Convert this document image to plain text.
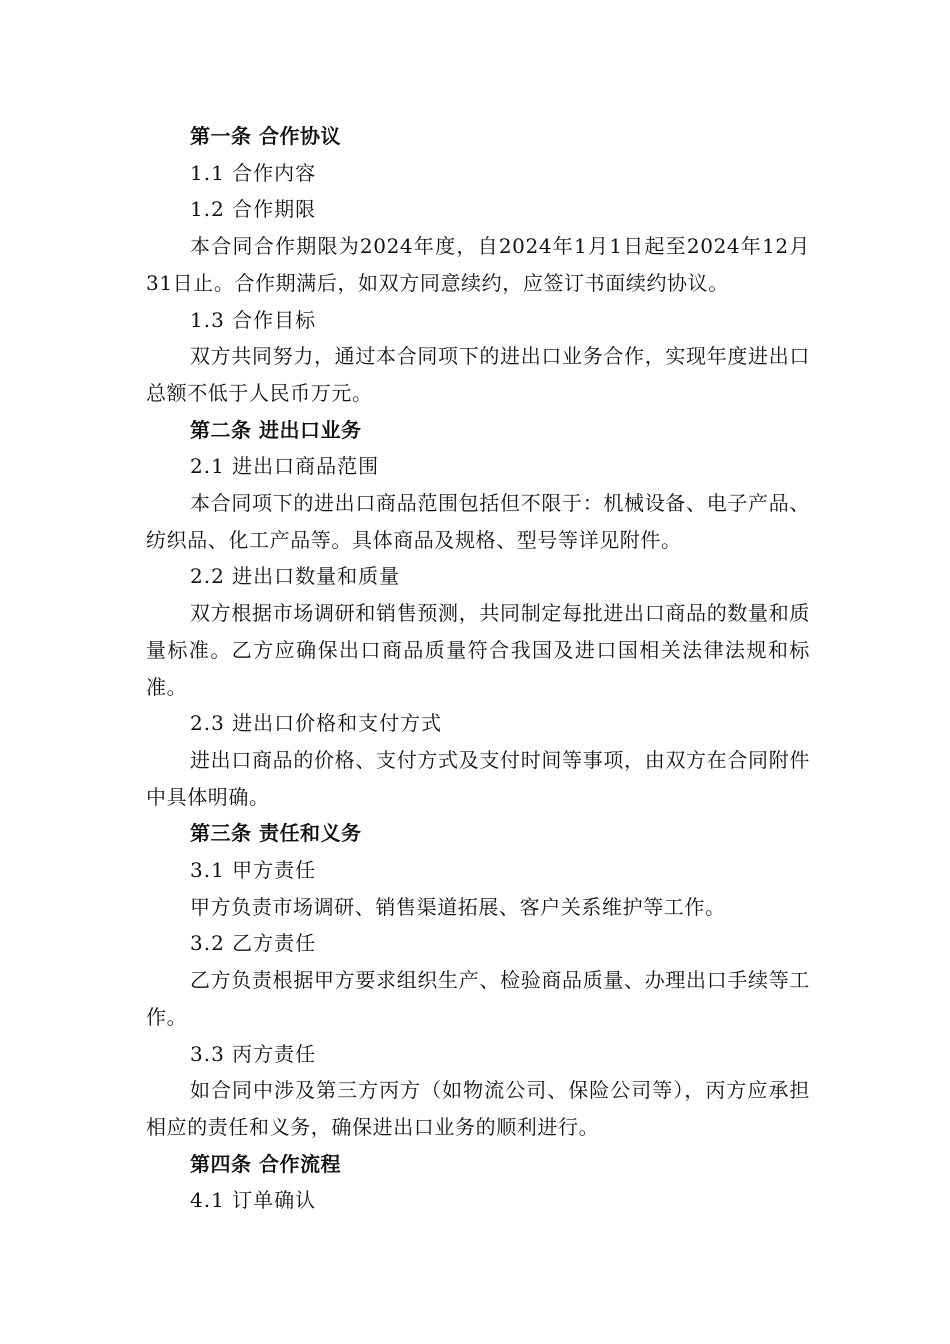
第一条 合作协议

1.1 合作内容

1.2 合作期限

本合同合作期限为2024年度，自2024年1月1日起至2024年12月31日止。合作期满后，如双方同意续约，应签订书面续约协议。

1.3 合作目标

双方共同努力，通过本合同项下的进出口业务合作，实现年度进出口总额不低于人民币万元。

第二条 进出口业务

2.1 进出口商品范围

本合同项下的进出口商品范围包括但不限于：机械设备、电子产品、纺织品、化工产品等。具体商品及规格、型号等详见附件。

2.2 进出口数量和质量

双方根据市场调研和销售预测，共同制定每批进出口商品的数量和质量标准。乙方应确保出口商品质量符合我国及进口国相关法律法规和标准。

2.3 进出口价格和支付方式

进出口商品的价格、支付方式及支付时间等事项，由双方在合同附件中具体明确。

第三条 责任和义务

3.1 甲方责任

甲方负责市场调研、销售渠道拓展、客户关系维护等工作。

3.2 乙方责任

乙方负责根据甲方要求组织生产、检验商品质量、办理出口手续等工作。

3.3 丙方责任

如合同中涉及第三方丙方（如物流公司、保险公司等），丙方应承担相应的责任和义务，确保进出口业务的顺利进行。

第四条 合作流程

4.1 订单确认
